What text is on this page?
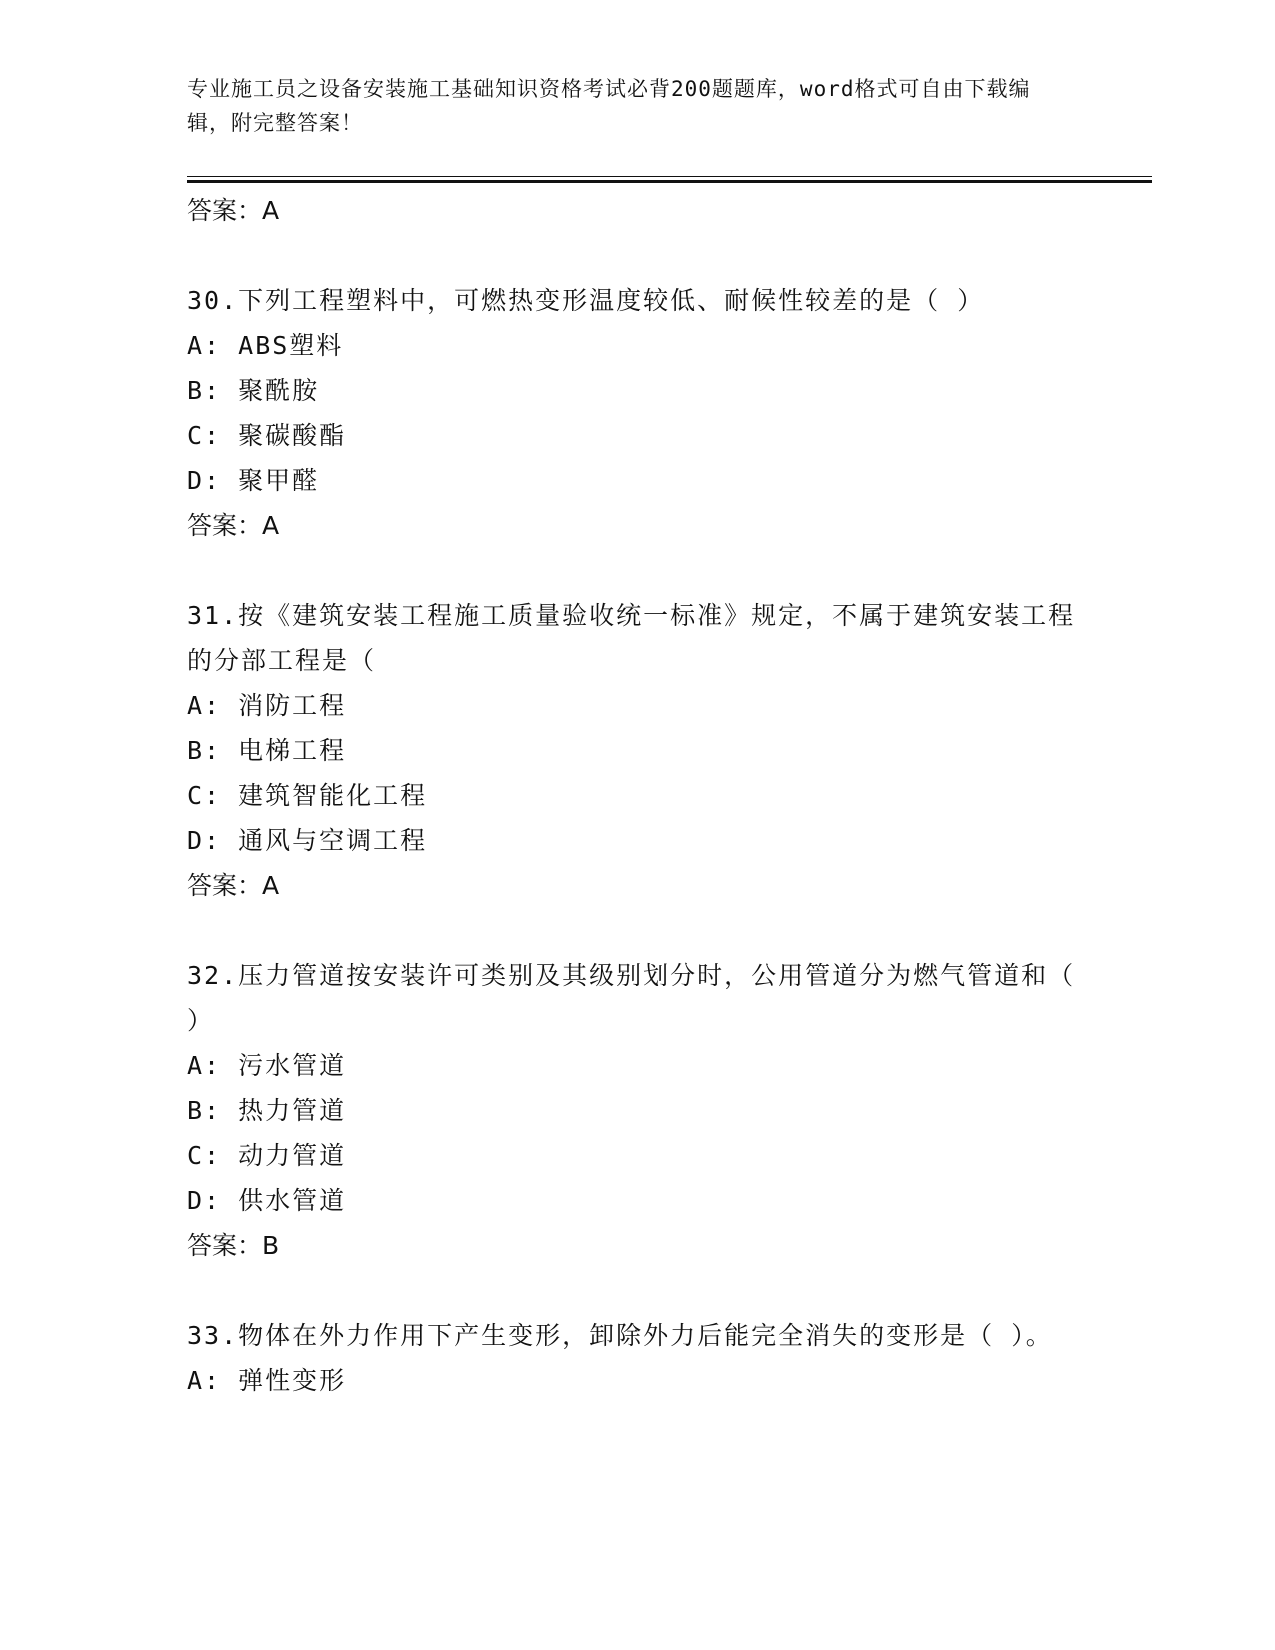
专业施工员之设备安装施工基础知识资格考试必背200题题库，word格式可自由下载编辑，附完整答案！
答案：A
30.下列工程塑料中，可燃热变形温度较低、耐候性较差的是（ ）
A: ABS塑料
B: 聚酰胺
C: 聚碳酸酯
D: 聚甲醛
答案：A
31.按《建筑安装工程施工质量验收统一标准》规定，不属于建筑安装工程的分部工程是（
A: 消防工程
B: 电梯工程
C: 建筑智能化工程
D: 通风与空调工程
答案：A
32.压力管道按安装许可类别及其级别划分时，公用管道分为燃气管道和（ ）
A: 污水管道
B: 热力管道
C: 动力管道
D: 供水管道
答案：B
33.物体在外力作用下产生变形，卸除外力后能完全消失的变形是（ ）。
A: 弹性变形
